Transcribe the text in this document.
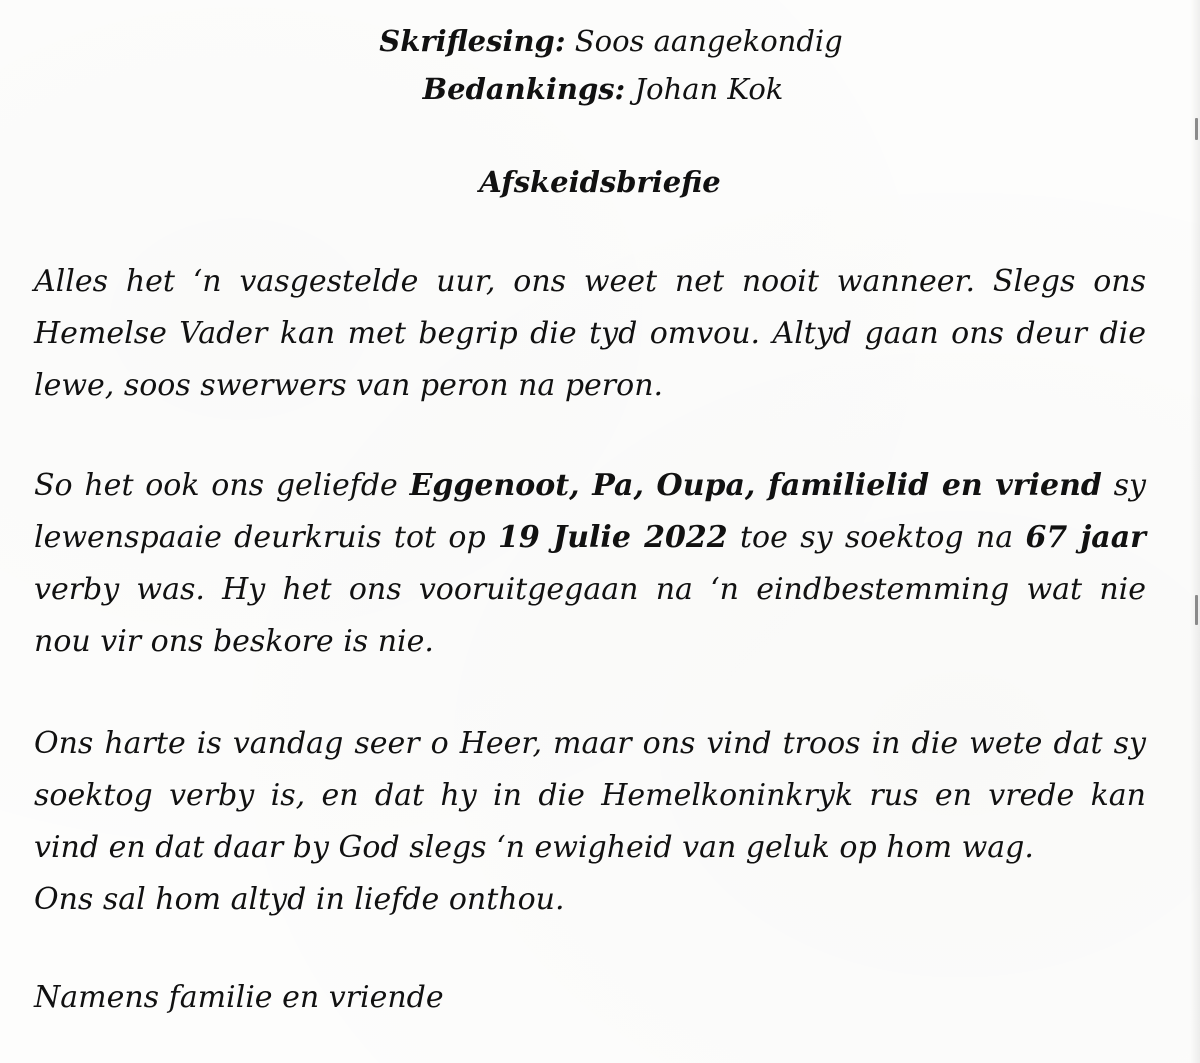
Skriflesing: Soos aangekondig
Bedankings: Johan Kok
Afskeidsbriefie
Alles het ‘n vasgestelde uur, ons weet net nooit wanneer. Slegs ons
Hemelse Vader kan met begrip die tyd omvou. Altyd gaan ons deur die
lewe, soos swerwers van peron na peron.
So het ook ons geliefde Eggenoot, Pa, Oupa, familielid en vriend sy
lewenspaaie deurkruis tot op 19 Julie 2022 toe sy soektog na 67 jaar
verby was. Hy het ons vooruitgegaan na ‘n eindbestemming wat nie
nou vir ons beskore is nie.
Ons harte is vandag seer o Heer, maar ons vind troos in die wete dat sy
soektog verby is, en dat hy in die Hemelkoninkryk rus en vrede kan
vind en dat daar by God slegs ‘n ewigheid van geluk op hom wag.
Ons sal hom altyd in liefde onthou.
Namens familie en vriende
